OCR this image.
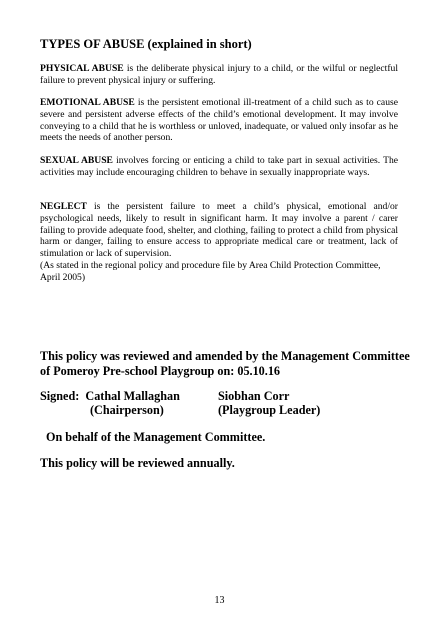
TYPES OF ABUSE (explained in short)
PHYSICAL ABUSE is the deliberate physical injury to a child, or the wilful or neglectful failure to prevent physical injury or suffering.
EMOTIONAL ABUSE is the persistent emotional ill-treatment of a child such as to cause severe and persistent adverse effects of the child’s emotional development. It may involve conveying to a child that he is worthless or unloved, inadequate, or valued only insofar as he meets the needs of another person.
SEXUAL ABUSE involves forcing or enticing a child to take part in sexual activities. The activities may include encouraging children to behave in sexually inappropriate ways.
NEGLECT is the persistent failure to meet a child’s physical, emotional and/or psychological needs, likely to result in significant harm. It may involve a parent / carer failing to provide adequate food, shelter, and clothing, failing to protect a child from physical harm or danger, failing to ensure access to appropriate medical care or treatment, lack of stimulation or lack of supervision.
(As stated in the regional policy and procedure file by Area Child Protection Committee, April 2005)
This policy was reviewed and amended by the Management Committee of Pomeroy Pre-school Playgroup on: 05.10.16
Signed: Cathal Mallaghan	Siobhan Corr
(Chairperson)	(Playgroup Leader)
On behalf of the Management Committee.
This policy will be reviewed annually.
13
